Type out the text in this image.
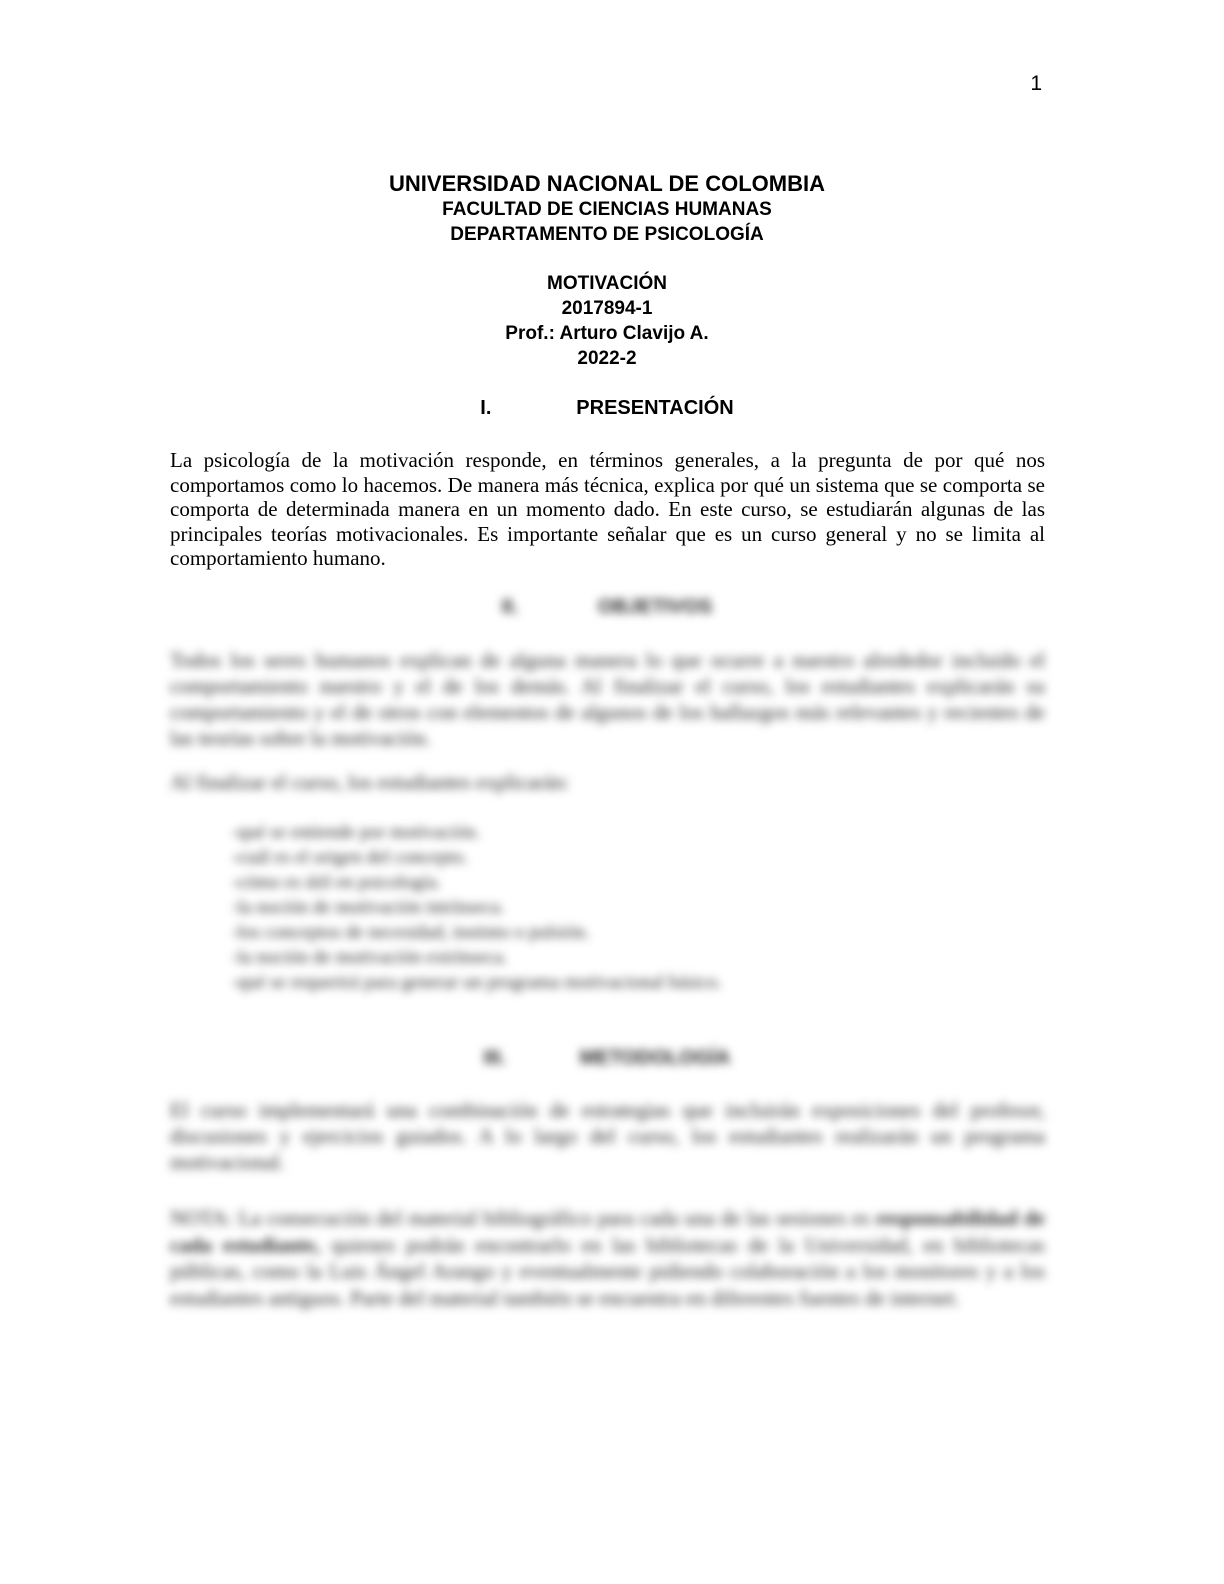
1
UNIVERSIDAD NACIONAL DE COLOMBIA
FACULTAD DE CIENCIAS HUMANAS
DEPARTAMENTO DE PSICOLOGÍA
MOTIVACIÓN
2017894-1
Prof.: Arturo Clavijo A.
2022-2
I.	PRESENTACIÓN
La psicología de la motivación responde, en términos generales, a la pregunta de por qué nos comportamos como lo hacemos. De manera más técnica, explica por qué un sistema que se comporta se comporta de determinada manera en un momento dado. En este curso, se estudiarán algunas de las principales teorías motivacionales. Es importante señalar que es un curso general y no se limita al comportamiento humano.
II.	OBJETIVOS
Todos los seres humanos explican de alguna manera lo que ocurre a nuestro alrededor incluido el comportamiento nuestro y el de los demás. Al finalizar el curso, los estudiantes explicarán su comportamiento y el de otros con elementos de algunos de los hallazgos más relevantes y recientes de las teorías sobre la motivación.
Al finalizar el curso, los estudiantes explicarán:
- qué se entiende por motivación.
- cuál es el origen del concepto.
- cómo es útil en psicología.
- la noción de motivación intrínseca.
- los conceptos de necesidad, instinto o pulsión.
- la noción de motivación extrínseca.
- qué se requerirá para generar un programa motivacional básico.
III.	METODOLOGÍA
El curso implementará una combinación de estrategias que incluirán exposiciones del profesor, discusiones y ejercicios guiados. A lo largo del curso, los estudiantes realizarán un programa motivacional.
NOTA: La consecución del material bibliográfico para cada una de las sesiones es responsabilidad de cada estudiante, quienes podrán encontrarlo en las bibliotecas de la Universidad, en bibliotecas públicas, como la Luis Ángel Arango y eventualmente pidiendo colaboración a los monitores y a los estudiantes antiguos. Parte del material también se encuentra en diferentes fuentes de internet.
